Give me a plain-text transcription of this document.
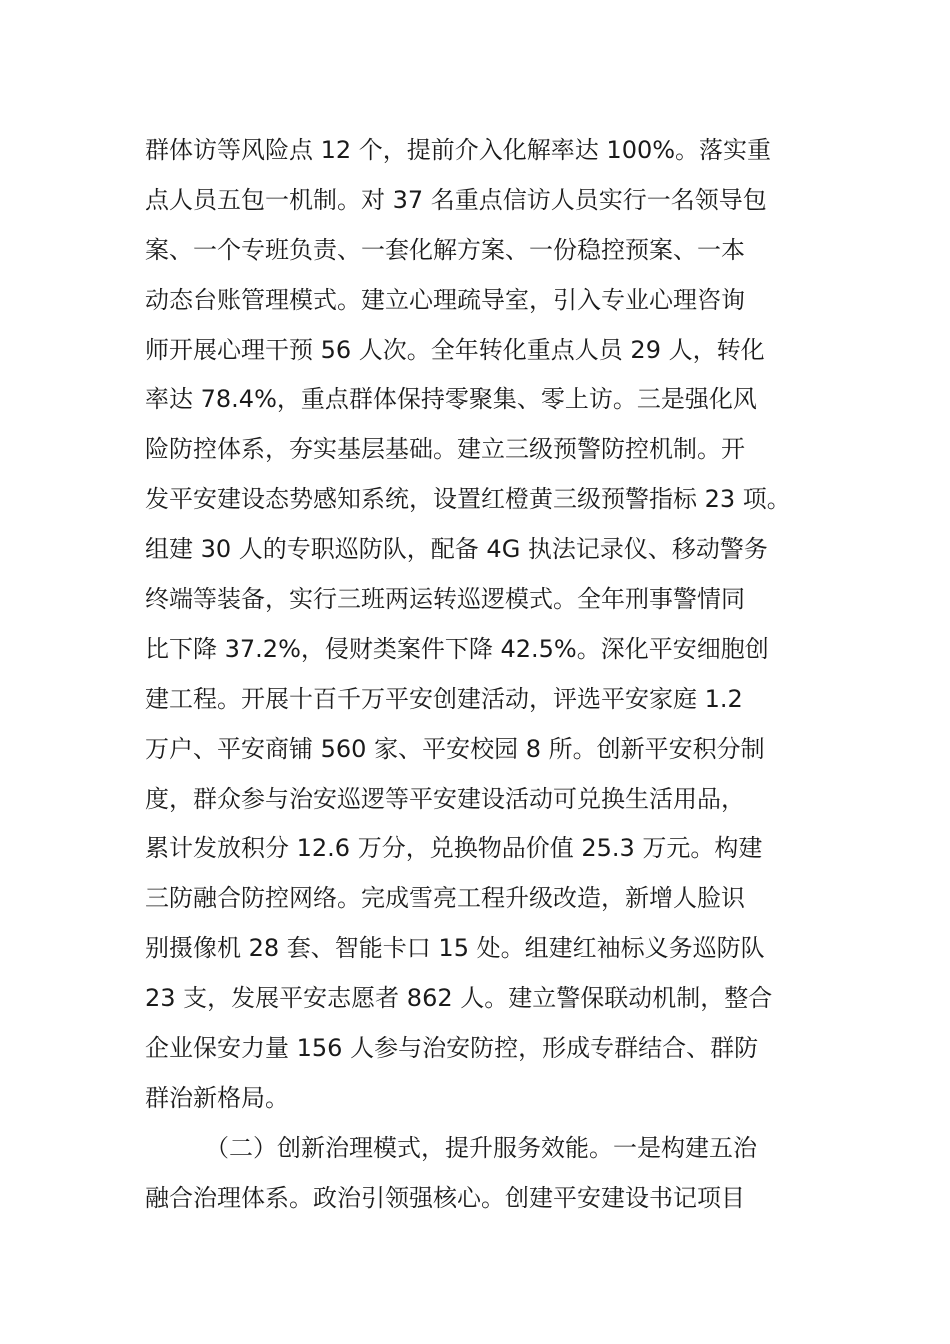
群体访等风险点 12 个，提前介入化解率达 100%。落实重
点人员五包一机制。对 37 名重点信访人员实行一名领导包
案、一个专班负责、一套化解方案、一份稳控预案、一本
动态台账管理模式。建立心理疏导室，引入专业心理咨询
师开展心理干预 56 人次。全年转化重点人员 29 人，转化
率达 78.4%，重点群体保持零聚集、零上访。三是强化风
险防控体系，夯实基层基础。建立三级预警防控机制。开
发平安建设态势感知系统，设置红橙黄三级预警指标 23 项。
组建 30 人的专职巡防队，配备 4G 执法记录仪、移动警务
终端等装备，实行三班两运转巡逻模式。全年刑事警情同
比下降 37.2%，侵财类案件下降 42.5%。深化平安细胞创
建工程。开展十百千万平安创建活动，评选平安家庭 1.2
万户、平安商铺 560 家、平安校园 8 所。创新平安积分制
度，群众参与治安巡逻等平安建设活动可兑换生活用品，
累计发放积分 12.6 万分，兑换物品价值 25.3 万元。构建
三防融合防控网络。完成雪亮工程升级改造，新增人脸识
别摄像机 28 套、智能卡口 15 处。组建红袖标义务巡防队
23 支，发展平安志愿者 862 人。建立警保联动机制，整合
企业保安力量 156 人参与治安防控，形成专群结合、群防
群治新格局。
（二）创新治理模式，提升服务效能。一是构建五治
融合治理体系。政治引领强核心。创建平安建设书记项目
